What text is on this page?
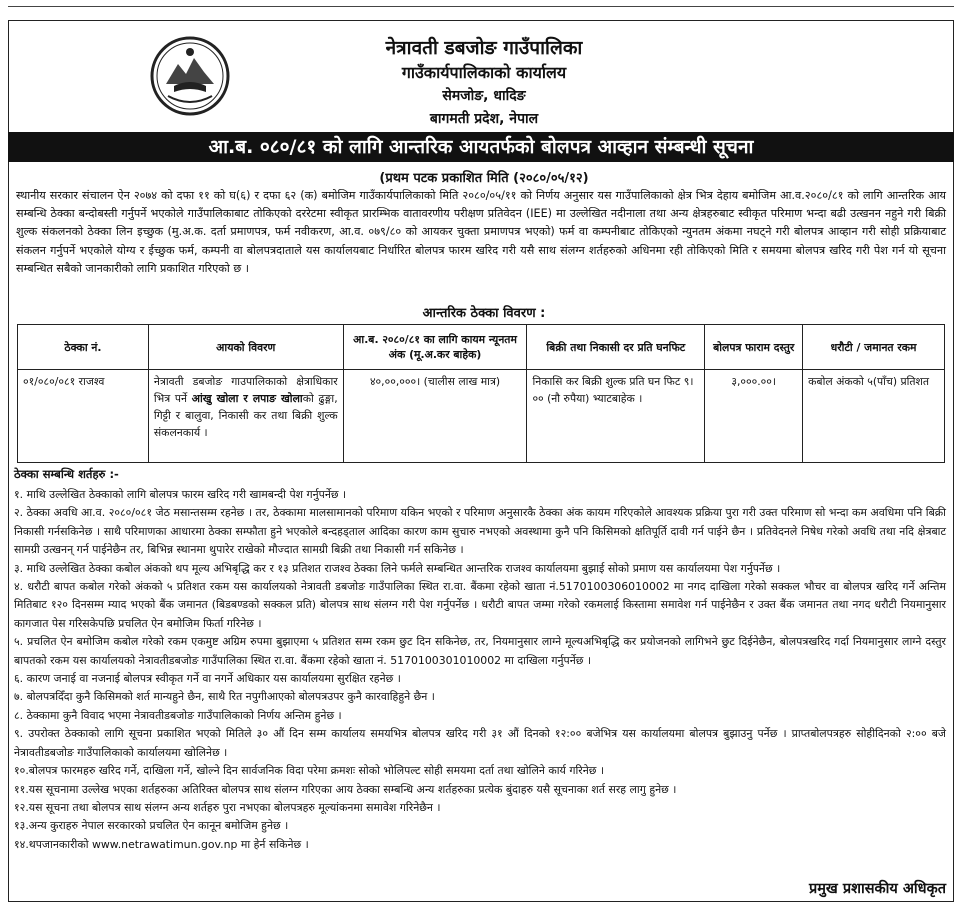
नेत्रावती डबजोङ गाउँपालिका
गाउँकार्यपालिकाको कार्यालय
सेमजोङ, धादिङ
बागमती प्रदेश, नेपाल
आ.ब. ०८०/८१ को लागि आन्तरिक आयतर्फको बोलपत्र आव्हान संम्बन्धी सूचना
(प्रथम पटक प्रकाशित मिति (२०८०/०५/१२)
स्थानीय सरकार संचालन ऐन २०७४ को दफा ११ को घ(६) र दफा ६२ (क) बमोजिम गाउँकार्यपालिकाको मिति २०८०/०५/११ को निर्णय अनुसार यस गाउँपालिकाको क्षेत्र भित्र देहाय बमोजिम आ.व.२०८०/८१ को लागि आन्तरिक आय सम्बन्धि ठेक्का बन्दोबस्ती गर्नुपर्ने भएकोले गाउँपालिकाबाट तोकिएको दररेटमा स्वीकृत प्रारम्भिक वातावरणीय परीक्षण प्रतिवेदन (IEE) मा उल्लेखित नदीनाला तथा अन्य क्षेत्रहरुबाट स्वीकृत परिमाण भन्दा बढी उत्खनन नहुने गरी बिक्री शुल्क संकलनको ठेक्का लिन इच्छुक (मु.अ.क. दर्ता प्रमाणपत्र, फर्म नवीकरण, आ.व. ०७९/८० को आयकर चुक्ता प्रमाणपत्र भएको) फर्म वा कम्पनीबाट तोकिएको न्युनतम अंकमा नघट्ने गरी बोलपत्र आव्हान गरी सोही प्रक्रियाबाट संकलन गर्नुपर्ने भएकोले योग्य र ईच्छुक फर्म, कम्पनी वा बोलपत्रदाताले यस कार्यालयबाट निर्धारित बोलपत्र फारम खरिद गरी यसै साथ संलग्न शर्तहरुको अधिनमा रही तोकिएको मिति र समयमा बोलपत्र खरिद गरी पेश गर्न यो सूचना सम्बन्धित सबैको जानकारीको लागि प्रकाशित गरिएको छ ।
आन्तरिक ठेक्का विवरण :
ठेक्का नं.	आयको विवरण	आ.ब. २०८०/८१ का लागि कायम न्यूनतम अंक (मू.अ.कर बाहेक)	बिक्री तथा निकासी दर प्रति घनफिट	बोलपत्र फाराम दस्तुर	धरौटी / जमानत रकम
०१/०८०/०८१ राजश्व	नेत्रावती डबजोङ गाउपालिकाको क्षेत्राधिकार भित्र पर्ने आंखु खोला र लपाङ खोलाको ढुङ्गा, गिट्टी र बालुवा, निकासी कर तथा बिक्री शुल्क संकलनकार्य ।	४०,००,०००। (चालीस लाख मात्र)	निकासि कर बिक्री शुल्क प्रति घन फिट ९।०० (नौ रुपैया) भ्याटबाहेक ।	३,०००.००।	कबोल अंकको ५(पाँच) प्रतिशत
ठेक्का सम्बन्धि शर्तहरु :-
१. माथि उल्लेखित ठेक्काको लागि बोलपत्र फारम खरिद गरी खामबन्दी पेश गर्नुपर्नेछ ।
२. ठेक्का अवधि आ.व. २०८०/०८१ जेठ मसान्तसम्म रहनेछ । तर, ठेक्कामा मालसामानको परिमाण यकिन भएको र परिमाण अनुसारकै ठेक्का अंक कायम गरिएकोले आवश्यक प्रक्रिया पुरा गरी उक्त परिमाण सो भन्दा कम अवधिमा पनि बिक्री निकासी गर्नसकिनेछ । साथै परिमाणका आधारमा ठेक्का सम्फौता हुने भएकोले बन्दहड्ताल आदिका कारण काम सुचारु नभएको अवस्थामा कुनै पनि किसिमको क्षतिपूर्ति दावी गर्न पाईने छैन । प्रतिवेदनले निषेध गरेको अवधि तथा नदि क्षेत्रबाट सामग्री उत्खनन् गर्न पाईनेछैन तर, बिभिन्न स्थानमा थुपारेर राखेको मौज्दात सामग्री बिक्री तथा निकासी गर्न सकिनेछ ।
३. माथि उल्लेखित ठेक्का कबोल अंकको थप मूल्य अभिबृद्धि कर र १३ प्रतिशत राजश्व ठेक्का लिने फर्मले सम्बन्धित आन्तरिक राजश्व कार्यालयमा बुझाई सोको प्रमाण यस कार्यालयमा पेश गर्नुपर्नेछ ।
४. धरौटी बापत कबोल गरेको अंकको ५ प्रतिशत रकम यस कार्यालयको नेत्रावती डबजोङ गाउँपालिका स्थित रा.वा. बैंकमा रहेको खाता नं.5170100306010002 मा नगद दाखिला गरेको सक्कल भौचर वा बोलपत्र खरिद गर्ने अन्तिम मितिबाट १२० दिनसम्म म्याद भएको बैंक जमानत (बिडबण्डको सक्कल प्रति) बोलपत्र साथ संलग्न गरी पेश गर्नुपर्नेछ । धरौटी बापत जम्मा गरेको रकमलाई किस्तामा समावेश गर्न पाईनेछैन र उक्त बैंक जमानत तथा नगद धरौटी नियमानुसार कागजात पेस गरिसकेपछि प्रचलित ऐन बमोजिम फिर्ता गरिनेछ ।
५. प्रचलित ऐन बमोजिम कबोल गरेको रकम एकमुष्ट अग्रिम रुपमा बुझाएमा ५ प्रतिशत सम्म रकम छुट दिन सकिनेछ, तर, नियमानुसार लाग्ने मूल्यअभिबृद्धि कर प्रयोजनको लागिभने छुट दिईनेछैन, बोलपत्रखरिद गर्दा नियमानुसार लाग्ने दस्तुर बापतको रकम यस कार्यालयको नेत्रावतीडबजोङ गाउँपालिका स्थित रा.वा. बैंकमा रहेको खाता नं. 5170100301010002 मा दाखिला गर्नुपर्नेछ ।
६. कारण जनाई वा नजनाई बोलपत्र स्वीकृत गर्ने वा नगर्ने अधिकार यस कार्यालयमा सुरक्षित रहनेछ ।
७. बोलपत्रदिँदा कुनै किसिमको शर्त मान्यहुने छैन, साथै रित नपुगीआएको बोलपत्रउपर कुनै कारवाहिहुने छैन ।
८. ठेक्कामा कुनै विवाद भएमा नेत्रावतीडबजोङ गाउँपालिकाको निर्णय अन्तिम हुनेछ ।
९. उपरोक्त ठेक्काको लागि सूचना प्रकाशित भएको मितिले ३० औं दिन सम्म कार्यालय समयभित्र बोलपत्र खरिद गरी ३१ औं दिनको १२:०० बजेभित्र यस कार्यालयमा बोलपत्र बुझाउनु पर्नेछ । प्राप्तबोलपत्रहरु सोहीदिनको २:०० बजे नेत्रावतीडबजोङ गाउँपालिकाको कार्यालयमा खोलिनेछ ।
१०.बोलपत्र फारमहरु खरिद गर्ने, दाखिला गर्ने, खोल्ने दिन सार्वजनिक विदा परेमा क्रमशः सोको भोलिपल्ट सोही समयमा दर्ता तथा खोलिने कार्य गरिनेछ ।
११.यस सूचनामा उल्लेख भएका शर्तहरुका अतिरिक्त बोलपत्र साथ संलग्न गरिएका आय ठेक्का सम्बन्धि अन्य शर्तहरुका प्रत्येक बुंदाहरु यसै सूचनाका शर्त सरह लागु हुनेछ ।
१२.यस सूचना तथा बोलपत्र साथ संलग्न अन्य शर्तहरु पुरा नभएका बोलपत्रहरु मूल्यांकनमा समावेश गरिनेछैन ।
१३.अन्य कुराहरु नेपाल सरकारको प्रचलित ऐन कानून बमोजिम हुनेछ ।
१४.थपजानकारीको www.netrawatimun.gov.np मा हेर्न सकिनेछ ।
प्रमुख प्रशासकीय अधिकृत
